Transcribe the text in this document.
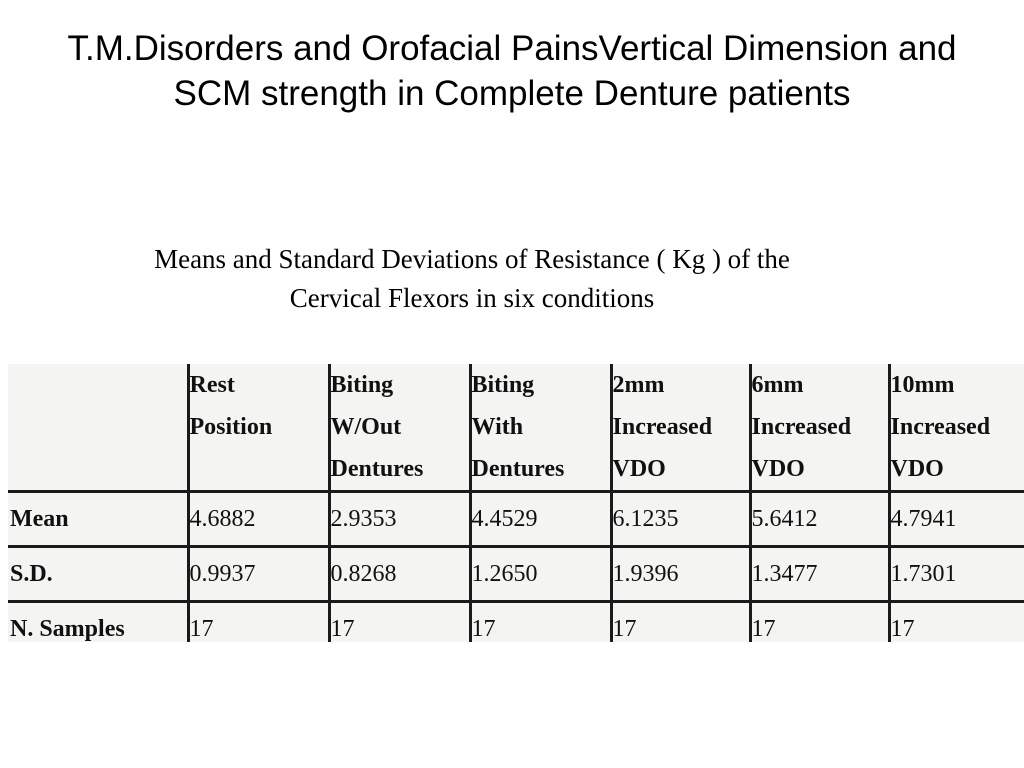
T.M.Disorders and Orofacial PainsVertical Dimension and SCM strength in Complete Denture patients
Means and Standard Deviations of Resistance ( Kg ) of the
Cervical Flexors in six conditions

	Rest
Position	Biting
W/Out
Dentures	Biting
With
Dentures	2mm
Increased
VDO	6mm
Increased
VDO	10mm
Increased
VDO

Mean	4.6882	2.9353	4.4529	6.1235	5.6412	4.7941
S.D.	0.9937	0.8268	1.2650	1.9396	1.3477	1.7301
N. Samples	17	17	17	17	17	17
